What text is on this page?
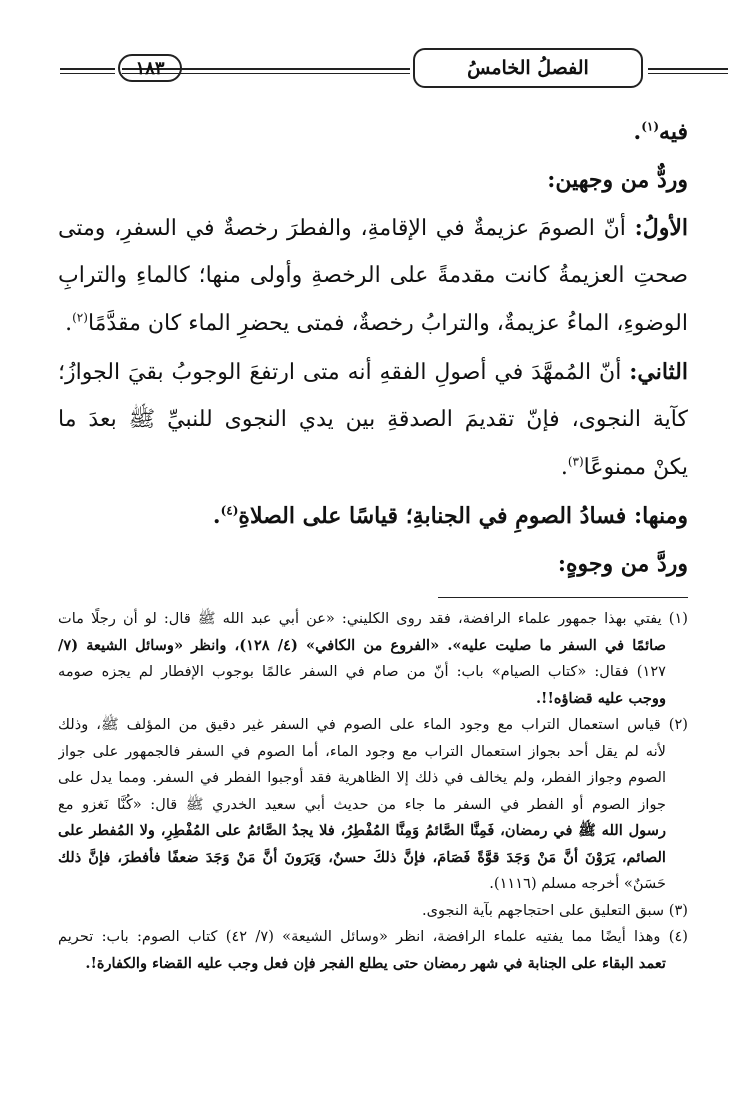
الفصلُ الخامسُ
١٨٣
فيه$^{(١)}$.
وردٌّ من وجهين:
الأولُ: أنّ الصومَ عزيمةٌ في الإقامةِ، والفطرَ رخصةٌ في السفرِ، ومتى
صحتِ العزيمةُ كانت مقدمةً على الرخصةِ وأولى منها؛ كالماءِ والترابِ
الوضوءِ، الماءُ عزيمةٌ، والترابُ رخصةٌ، فمتى يحضرِ الماء كان مقدَّمًا$^{(٢)}$.
الثاني: أنّ المُمهَّدَ في أصولِ الفقهِ أنه متى ارتفعَ الوجوبُ بقيَ الجوازُ؛
كآية النجوى، فإنّ تقديمَ الصدقةِ بين يدي النجوى للنبيِّ ﷺ بعدَ ما
يكنْ ممنوعًا$^{(٣)}$.
ومنها: فسادُ الصومِ في الجنابةِ؛ قياسًا على الصلاةِ$^{(٤)}$.
وردَّ من وجوهٍ:
(١) يفتي بهذا جمهور علماء الرافضة، فقد روى الكليني: «عن أبي عبد الله ﷺ قال: لو أن رجلًا مات
صائمًا في السفر ما صليت عليه». «الفروع من الكافي» (٤/ ١٢٨)، وانظر «وسائل الشيعة (٧/
١٢٧) فقال: «كتاب الصيام» باب: أنّ من صام في السفر عالمًا بوجوب الإفطار لم يجزه صومه
ووجب عليه قضاؤه!!.
(٢) قياس استعمال التراب مع وجود الماء على الصوم في السفر غير دقيق من المؤلف ﷺ، وذلك
لأنه لم يقل أحد بجواز استعمال التراب مع وجود الماء، أما الصوم في السفر فالجمهور على جواز
الصوم وجواز الفطر، ولم يخالف في ذلك إلا الظاهرية فقد أوجبوا الفطر في السفر. ومما يدل على
جواز الصوم أو الفطر في السفر ما جاء من حديث أبي سعيد الخدري ﷺ قال: «كُنَّا نَغزو مع
رسول الله ﷺ في رمضان، فَمِنَّا الصَّائمُ وَمِنَّا المُفْطِرُ، فلا يجدُ الصَّائمُ على المُفْطِرِ، ولا المُفطر على
الصائم، يَرَوْنَ أنَّ مَنْ وَجَدَ قوَّةً فَصَامَ، فإنَّ ذلكَ حسنٌ، وَيَرَونَ أنَّ مَنْ وَجَدَ ضعفًا فأفطرَ، فإنَّ ذلك
حَسَنٌ» أخرجه مسلم (١١١٦).
(٣) سبق التعليق على احتجاجهم بآية النجوى.
(٤) وهذا أيضًا مما يفتيه علماء الرافضة، انظر «وسائل الشيعة» (٧/ ٤٢) كتاب الصوم: باب: تحريم
تعمد البقاء على الجنابة في شهر رمضان حتى يطلع الفجر فإن فعل وجب عليه القضاء والكفارة!.
